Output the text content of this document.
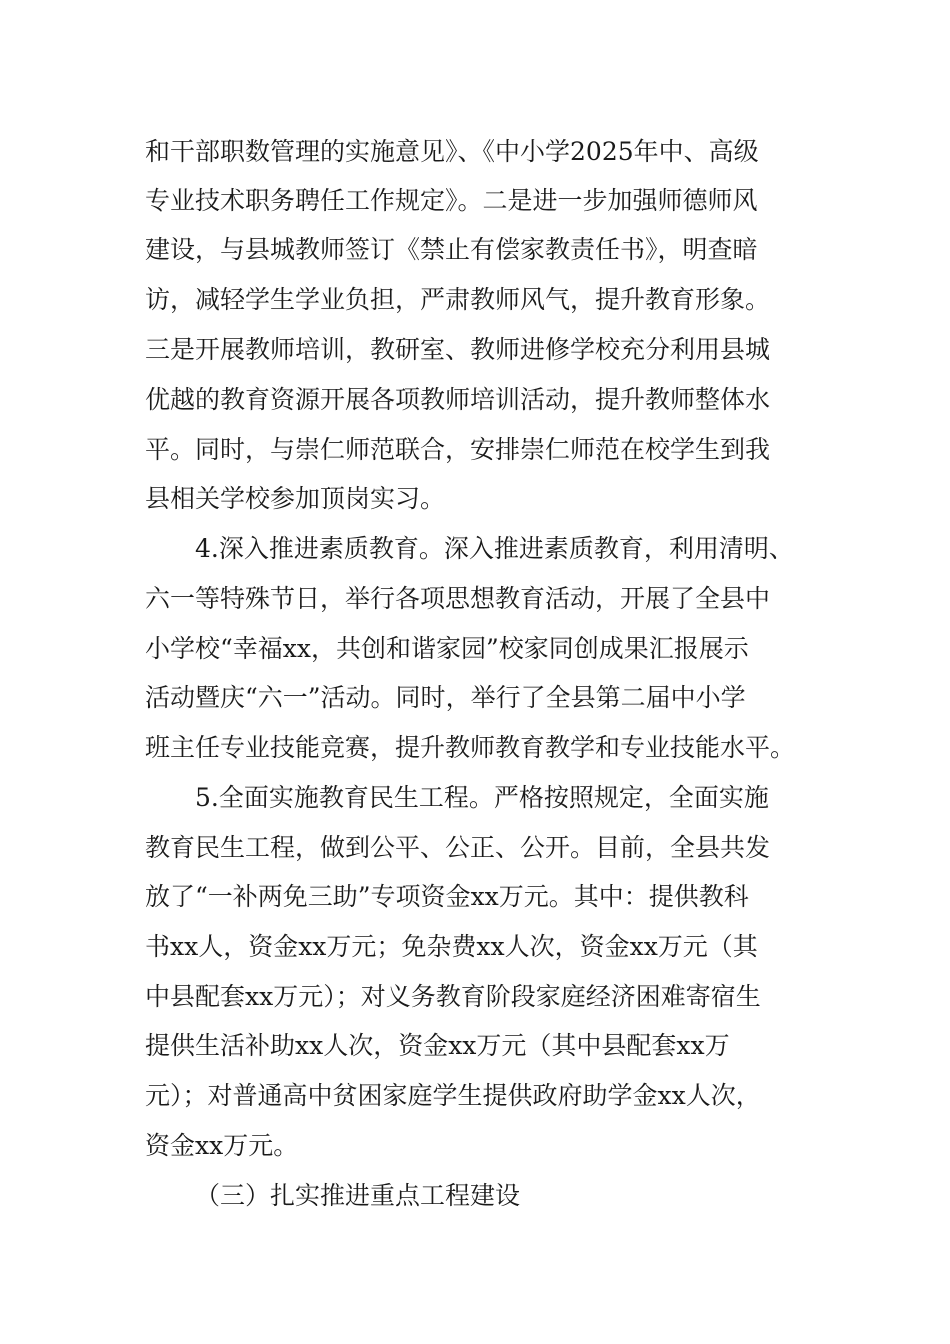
和干部职数管理的实施意见》、《中小学2025年中、高级
专业技术职务聘任工作规定》。二是进一步加强师德师风
建设，与县城教师签订《禁止有偿家教责任书》，明查暗
访，减轻学生学业负担，严肃教师风气，提升教育形象。
三是开展教师培训，教研室、教师进修学校充分利用县城
优越的教育资源开展各项教师培训活动，提升教师整体水
平。同时，与崇仁师范联合，安排崇仁师范在校学生到我
县相关学校参加顶岗实习。
4.深入推进素质教育。深入推进素质教育，利用清明、
六一等特殊节日，举行各项思想教育活动，开展了全县中
小学校“幸福xx，共创和谐家园”校家同创成果汇报展示
活动暨庆“六一”活动。同时，举行了全县第二届中小学
班主任专业技能竞赛，提升教师教育教学和专业技能水平。
5.全面实施教育民生工程。严格按照规定，全面实施
教育民生工程，做到公平、公正、公开。目前，全县共发
放了“一补两免三助”专项资金xx万元。其中：提供教科
书xx人，资金xx万元；免杂费xx人次，资金xx万元（其
中县配套xx万元）；对义务教育阶段家庭经济困难寄宿生
提供生活补助xx人次，资金xx万元（其中县配套xx万
元）；对普通高中贫困家庭学生提供政府助学金xx人次，
资金xx万元。
（三）扎实推进重点工程建设
